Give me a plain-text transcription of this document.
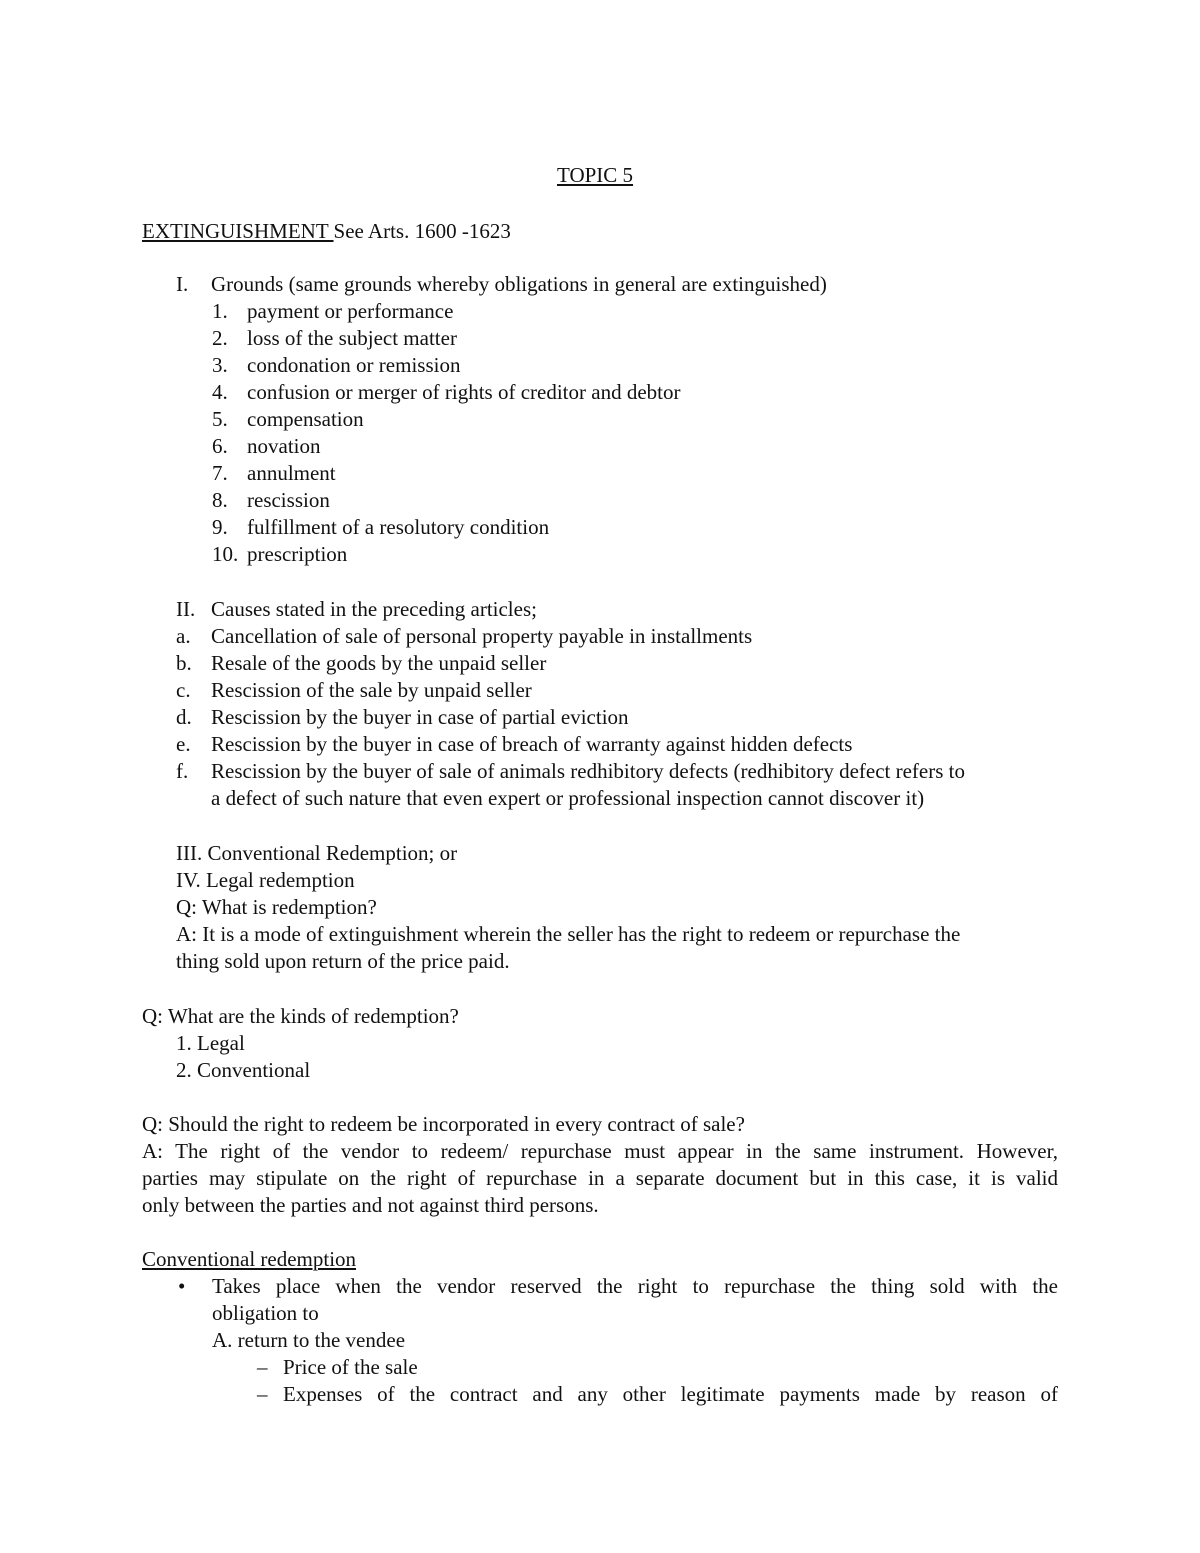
TOPIC 5
EXTINGUISHMENT See Arts. 1600 -1623
I. Grounds (same grounds whereby obligations in general are extinguished)
1. payment or performance
2. loss of the subject matter
3. condonation or remission
4. confusion or merger of rights of creditor and debtor
5. compensation
6. novation
7. annulment
8. rescission
9. fulfillment of a resolutory condition
10. prescription
II. Causes stated in the preceding articles;
a. Cancellation of sale of personal property payable in installments
b. Resale of the goods by the unpaid seller
c. Rescission of the sale by unpaid seller
d. Rescission by the buyer in case of partial eviction
e. Rescission by the buyer in case of breach of warranty against hidden defects
f. Rescission by the buyer of sale of animals redhibitory defects (redhibitory defect refers to
a defect of such nature that even expert or professional inspection cannot discover it)
III. Conventional Redemption; or
IV. Legal redemption
Q: What is redemption?
A: It is a mode of extinguishment wherein the seller has the right to redeem or repurchase the
thing sold upon return of the price paid.
Q: What are the kinds of redemption?
1. Legal
2. Conventional
Q: Should the right to redeem be incorporated in every contract of sale?
A: The right of the vendor to redeem/ repurchase must appear in the same instrument. However,
parties may stipulate on the right of repurchase in a separate document but in this case, it is valid
only between the parties and not against third persons.
Conventional redemption
• Takes place when the vendor reserved the right to repurchase the thing sold with the
obligation to
A. return to the vendee
– Price of the sale
– Expenses of the contract and any other legitimate payments made by reason of
